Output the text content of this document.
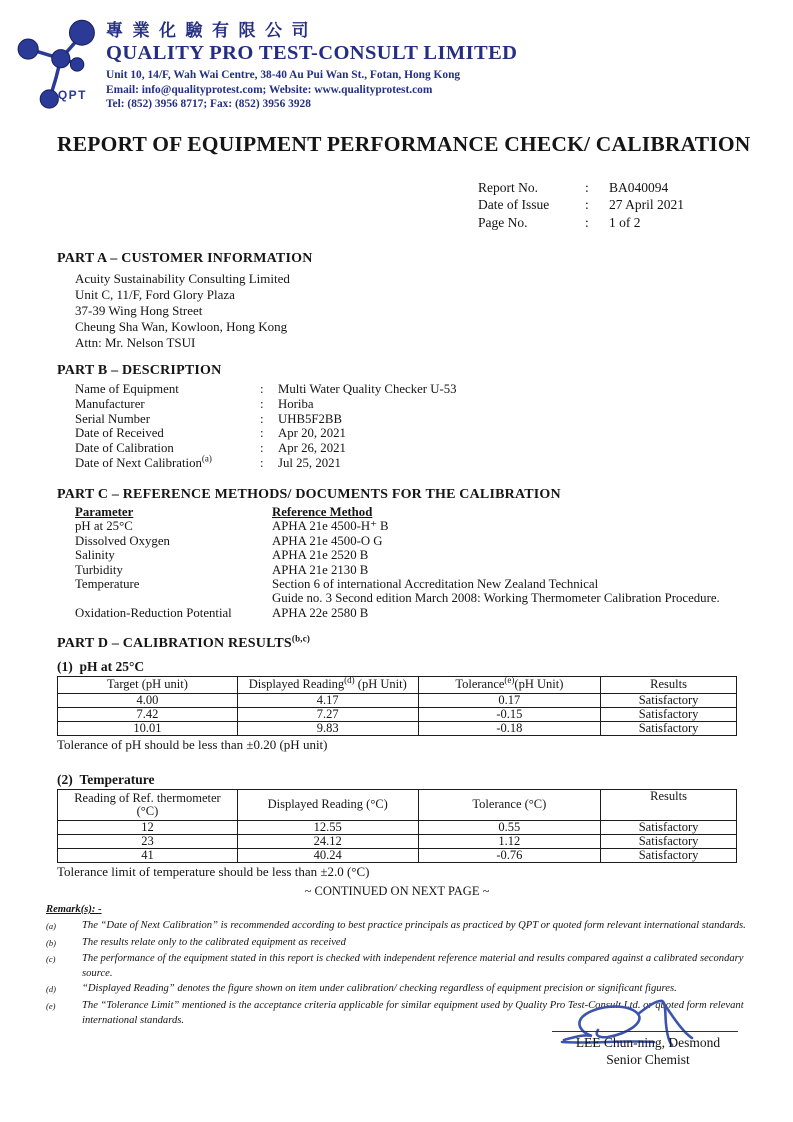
QPT
專業化驗有限公司
QUALITY PRO TEST-CONSULT LIMITED
Unit 10, 14/F, Wah Wai Centre, 38-40 Au Pui Wan St., Fotan, Hong Kong
Email: info@qualityprotest.com; Website: www.qualityprotest.com
Tel: (852) 3956 8717; Fax: (852) 3956 3928
REPORT OF EQUIPMENT PERFORMANCE CHECK/ CALIBRATION
Report No.	:	BA040094
Date of Issue	:	27 April 2021
Page No.	:	1 of 2
PART A – CUSTOMER INFORMATION
Acuity Sustainability Consulting Limited
Unit C, 11/F, Ford Glory Plaza
37-39 Wing Hong Street
Cheung Sha Wan, Kowloon, Hong Kong
Attn: Mr. Nelson TSUI
PART B – DESCRIPTION
Name of Equipment	:	Multi Water Quality Checker U-53
Manufacturer	:	Horiba
Serial Number	:	UHB5F2BB
Date of Received	:	Apr 20, 2021
Date of Calibration	:	Apr 26, 2021
Date of Next Calibration$^{(a)}$	:	Jul 25, 2021
PART C – REFERENCE METHODS/ DOCUMENTS FOR THE CALIBRATION
Parameter	Reference Method
pH at 25°C	APHA 21e 4500-H⁺ B
Dissolved Oxygen	APHA 21e 4500-O G
Salinity	APHA 21e 2520 B
Turbidity	APHA 21e 2130 B
Temperature	Section 6 of international Accreditation New Zealand Technical
Guide no. 3 Second edition March 2008: Working Thermometer Calibration Procedure.
Oxidation-Reduction Potential	APHA 22e 2580 B
PART D – CALIBRATION RESULTS$^{(b,c)}$
(1) pH at 25°C
Target (pH unit)	Displayed Reading$^{(d)}$ (pH Unit)	Tolerance$^{(e)}$(pH Unit)	Results
4.00	4.17	0.17	Satisfactory
7.42	7.27	-0.15	Satisfactory
10.01	9.83	-0.18	Satisfactory
Tolerance of pH should be less than ±0.20 (pH unit)
(2) Temperature
Reading of Ref. thermometer
(°C)	Displayed Reading (°C)	Tolerance (°C)	Results
12	12.55	0.55	Satisfactory
23	24.12	1.12	Satisfactory
41	40.24	-0.76	Satisfactory
Tolerance limit of temperature should be less than ±2.0 (°C)
~ CONTINUED ON NEXT PAGE ~
Remark(s): -
(a)	The “Date of Next Calibration” is recommended according to best practice principals as practiced by QPT or quoted form relevant international standards.
(b)	The results relate only to the calibrated equipment as received
(c)	The performance of the equipment stated in this report is checked with independent reference material and results compared against a calibrated secondary source.
(d)	“Displayed Reading” denotes the figure shown on item under calibration/ checking regardless of equipment precision or significant figures.
(e)	The “Tolerance Limit” mentioned is the acceptance criteria applicable for similar equipment used by Quality Pro Test-Consult Ltd. or quoted form relevant
international standards.
LEE Chun-ning, Desmond
Senior Chemist
